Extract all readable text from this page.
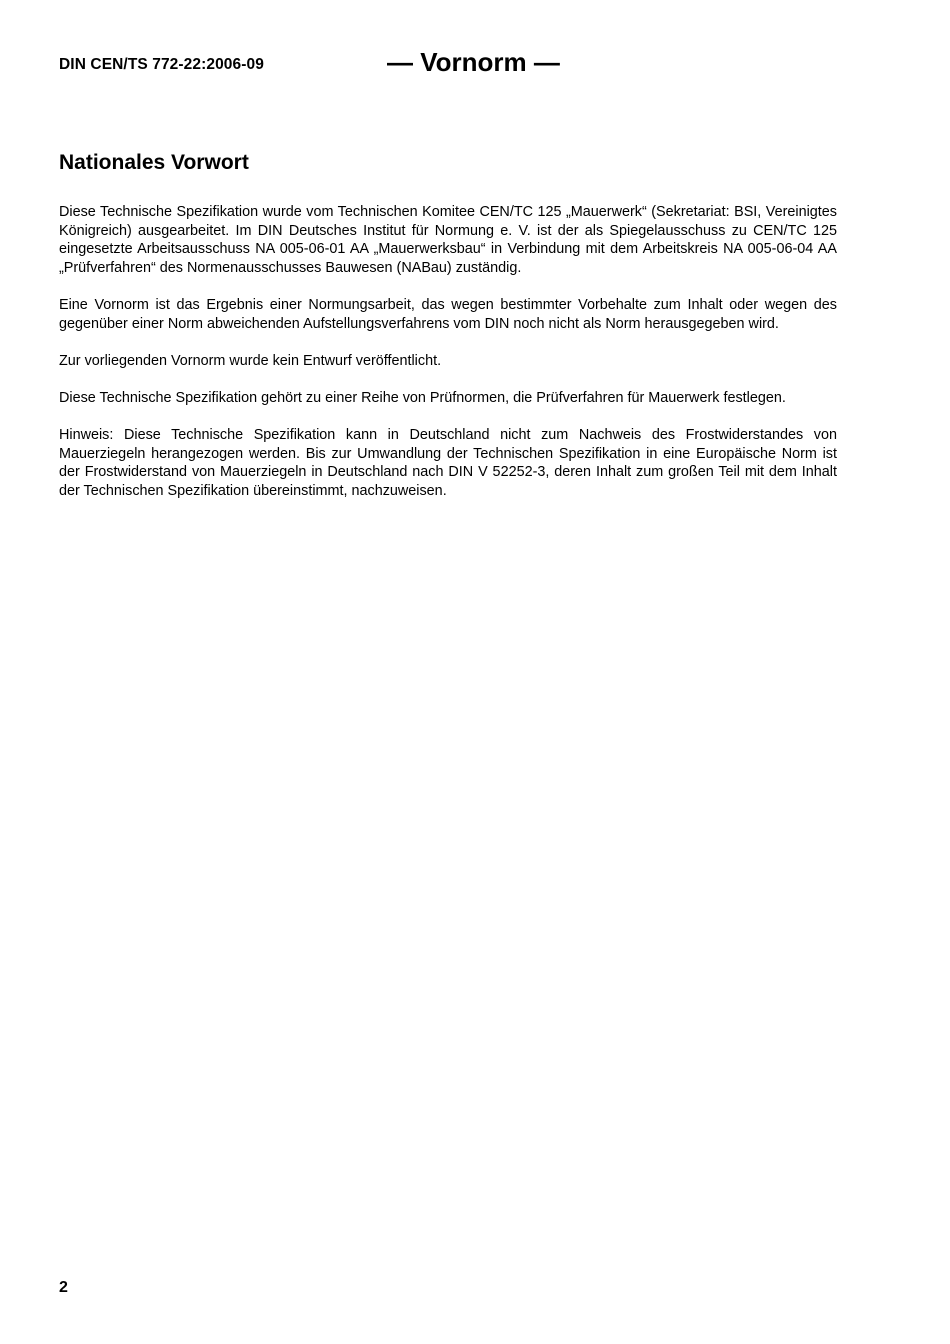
DIN CEN/TS 772-22:2006-09	— Vornorm —
Nationales Vorwort

Diese Technische Spezifikation wurde vom Technischen Komitee CEN/TC 125 „Mauerwerk“ (Sekretariat: BSI, Vereinigtes Königreich) ausgearbeitet. Im DIN Deutsches Institut für Normung e. V. ist der als Spiegelausschuss zu CEN/TC 125 eingesetzte Arbeitsausschuss NA 005-06-01 AA „Mauerwerksbau“ in Verbindung mit dem Arbeitskreis NA 005-06-04 AA „Prüfverfahren“ des Normenausschusses Bauwesen (NABau) zuständig.

Eine Vornorm ist das Ergebnis einer Normungsarbeit, das wegen bestimmter Vorbehalte zum Inhalt oder wegen des gegenüber einer Norm abweichenden Aufstellungsverfahrens vom DIN noch nicht als Norm herausgegeben wird.

Zur vorliegenden Vornorm wurde kein Entwurf veröffentlicht.

Diese Technische Spezifikation gehört zu einer Reihe von Prüfnormen, die Prüfverfahren für Mauerwerk festlegen.

Hinweis: Diese Technische Spezifikation kann in Deutschland nicht zum Nachweis des Frostwiderstandes von Mauerziegeln herangezogen werden. Bis zur Umwandlung der Technischen Spezifikation in eine Europäische Norm ist der Frostwiderstand von Mauerziegeln in Deutschland nach DIN V 52252-3, deren Inhalt zum großen Teil mit dem Inhalt der Technischen Spezifikation übereinstimmt, nachzuweisen.

2
